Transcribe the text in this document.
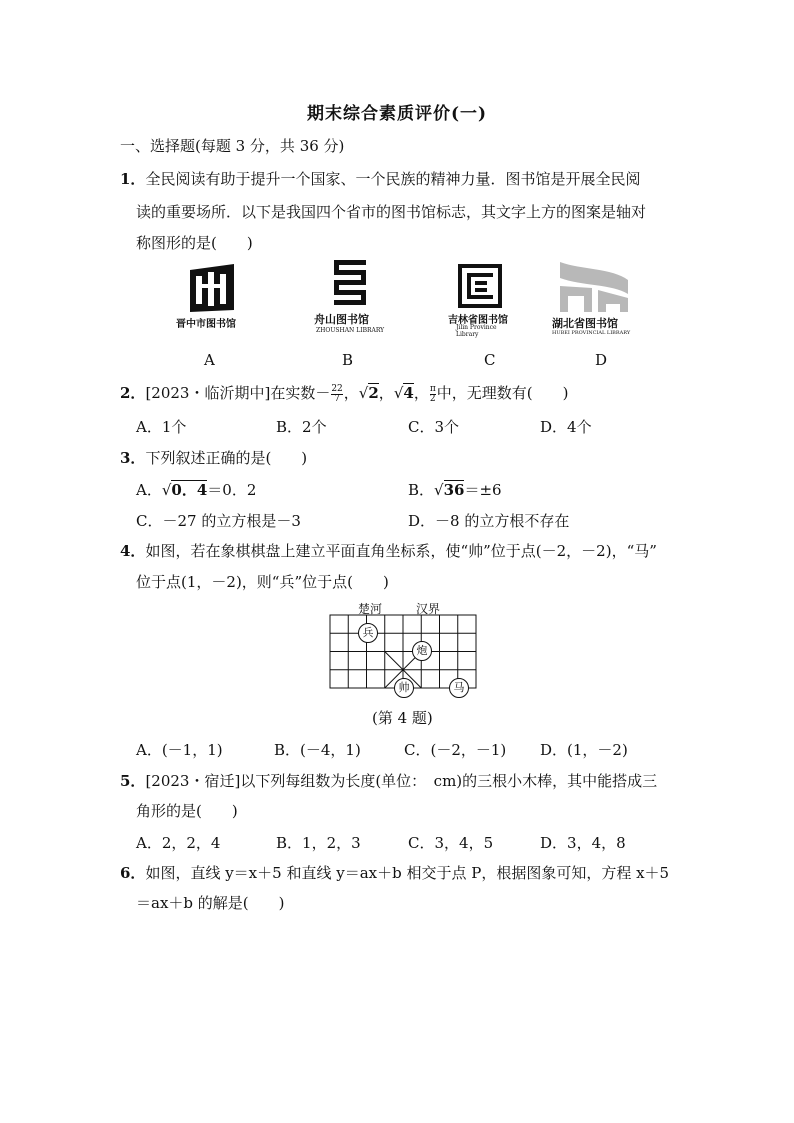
期末综合素质评价(一)
一、选择题(每题 3 分，共 36 分)
1．全民阅读有助于提升一个国家、一个民族的精神力量．图书馆是开展全民阅
读的重要场所．以下是我国四个省市的图书馆标志，其文字上方的图案是轴对
称图形的是(　　)
晋中市图书馆	舟山图书馆
ZHOUSHAN LIBRARY
吉林省图书馆
Jilin Province Library
湖北省图书馆
HUBEI PROVINCIAL LIBRARY
A	B	C	D
2．[2023・临沂期中]在实数－ $\frac{22}{7}$ ，√2，√4， $\frac{\pi}{2}$ 中，无理数有(　　)
A．1个	B．2个	C．3个	D．4个
3．下列叙述正确的是(　　)
A．√0．4＝0．2	B．√36＝±6
C．－27 的立方根是－3	D．－8 的立方根不存在
4．如图，若在象棋棋盘上建立平面直角坐标系，使“帅”位于点(－2，－2)，“马”
位于点(1，－2)，则“兵”位于点(　　)
楚河	汉界
兵
炮
帅	马
(第 4 题)
A．(－1，1)	B．(－4，1)	C．(－2，－1) D．(1，－2)
5．[2023・宿迁]以下列每组数为长度(单位：　cm)的三根小木棒，其中能搭成三
角形的是(　　)
A．2，2，4	B．1，2，3	C．3，4，5	D．3，4，8
6．如图，直线 y＝x＋5 和直线 y＝ax＋b 相交于点 P，根据图象可知，方程 x＋5
＝ax＋b 的解是(　　)
